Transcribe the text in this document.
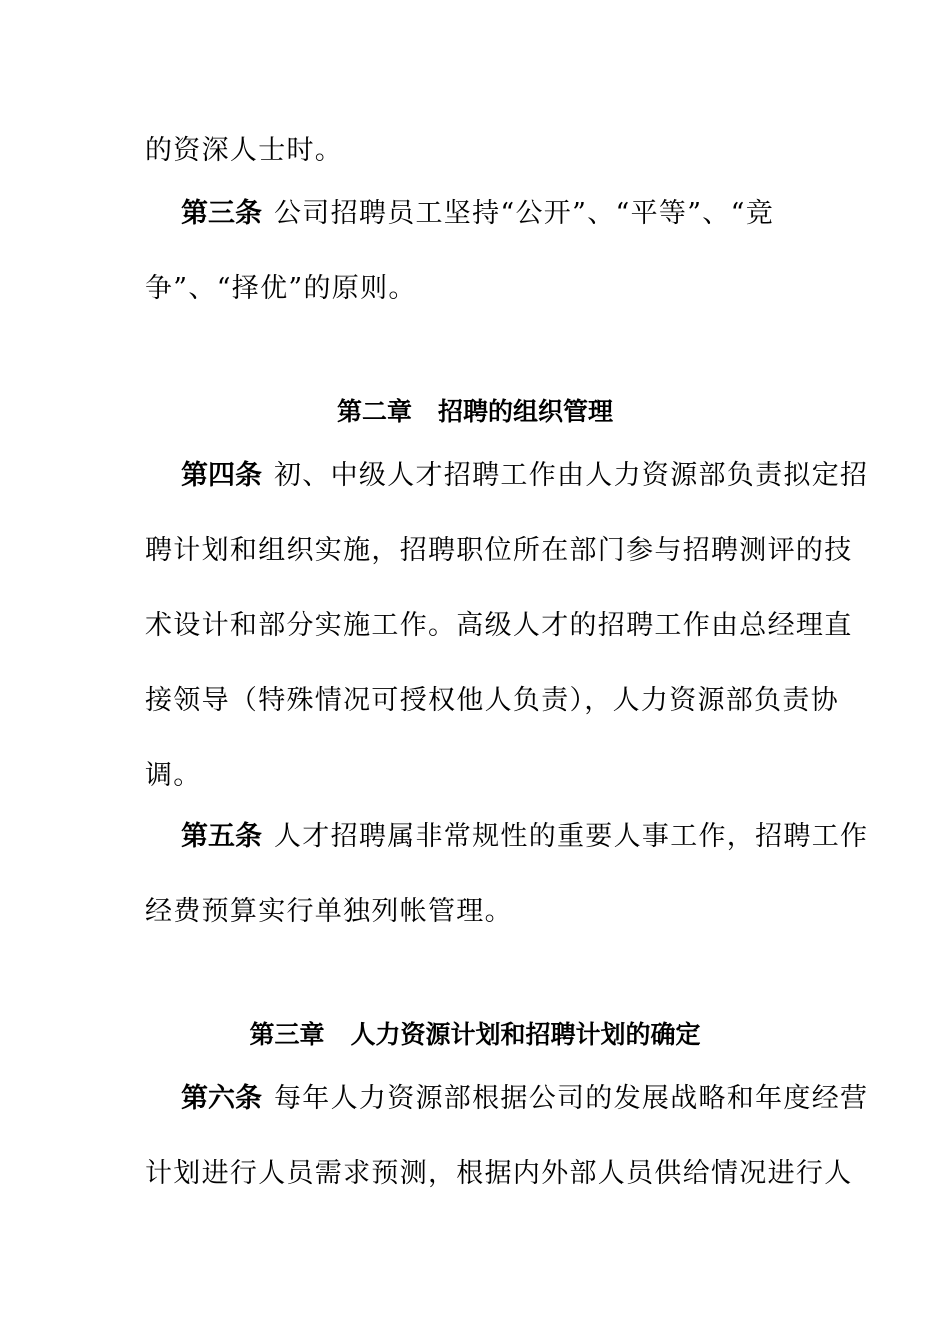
的资深人士时。
第三条 公司招聘员工坚持“公开”、“平等”、“竞
争”、“择优”的原则。
第二章 招聘的组织管理
第四条 初、中级人才招聘工作由人力资源部负责拟定招
聘计划和组织实施，招聘职位所在部门参与招聘测评的技
术设计和部分实施工作。高级人才的招聘工作由总经理直
接领导（特殊情况可授权他人负责），人力资源部负责协
调。
第五条 人才招聘属非常规性的重要人事工作，招聘工作
经费预算实行单独列帐管理。
第三章 人力资源计划和招聘计划的确定
第六条 每年人力资源部根据公司的发展战略和年度经营
计划进行人员需求预测，根据内外部人员供给情况进行人
